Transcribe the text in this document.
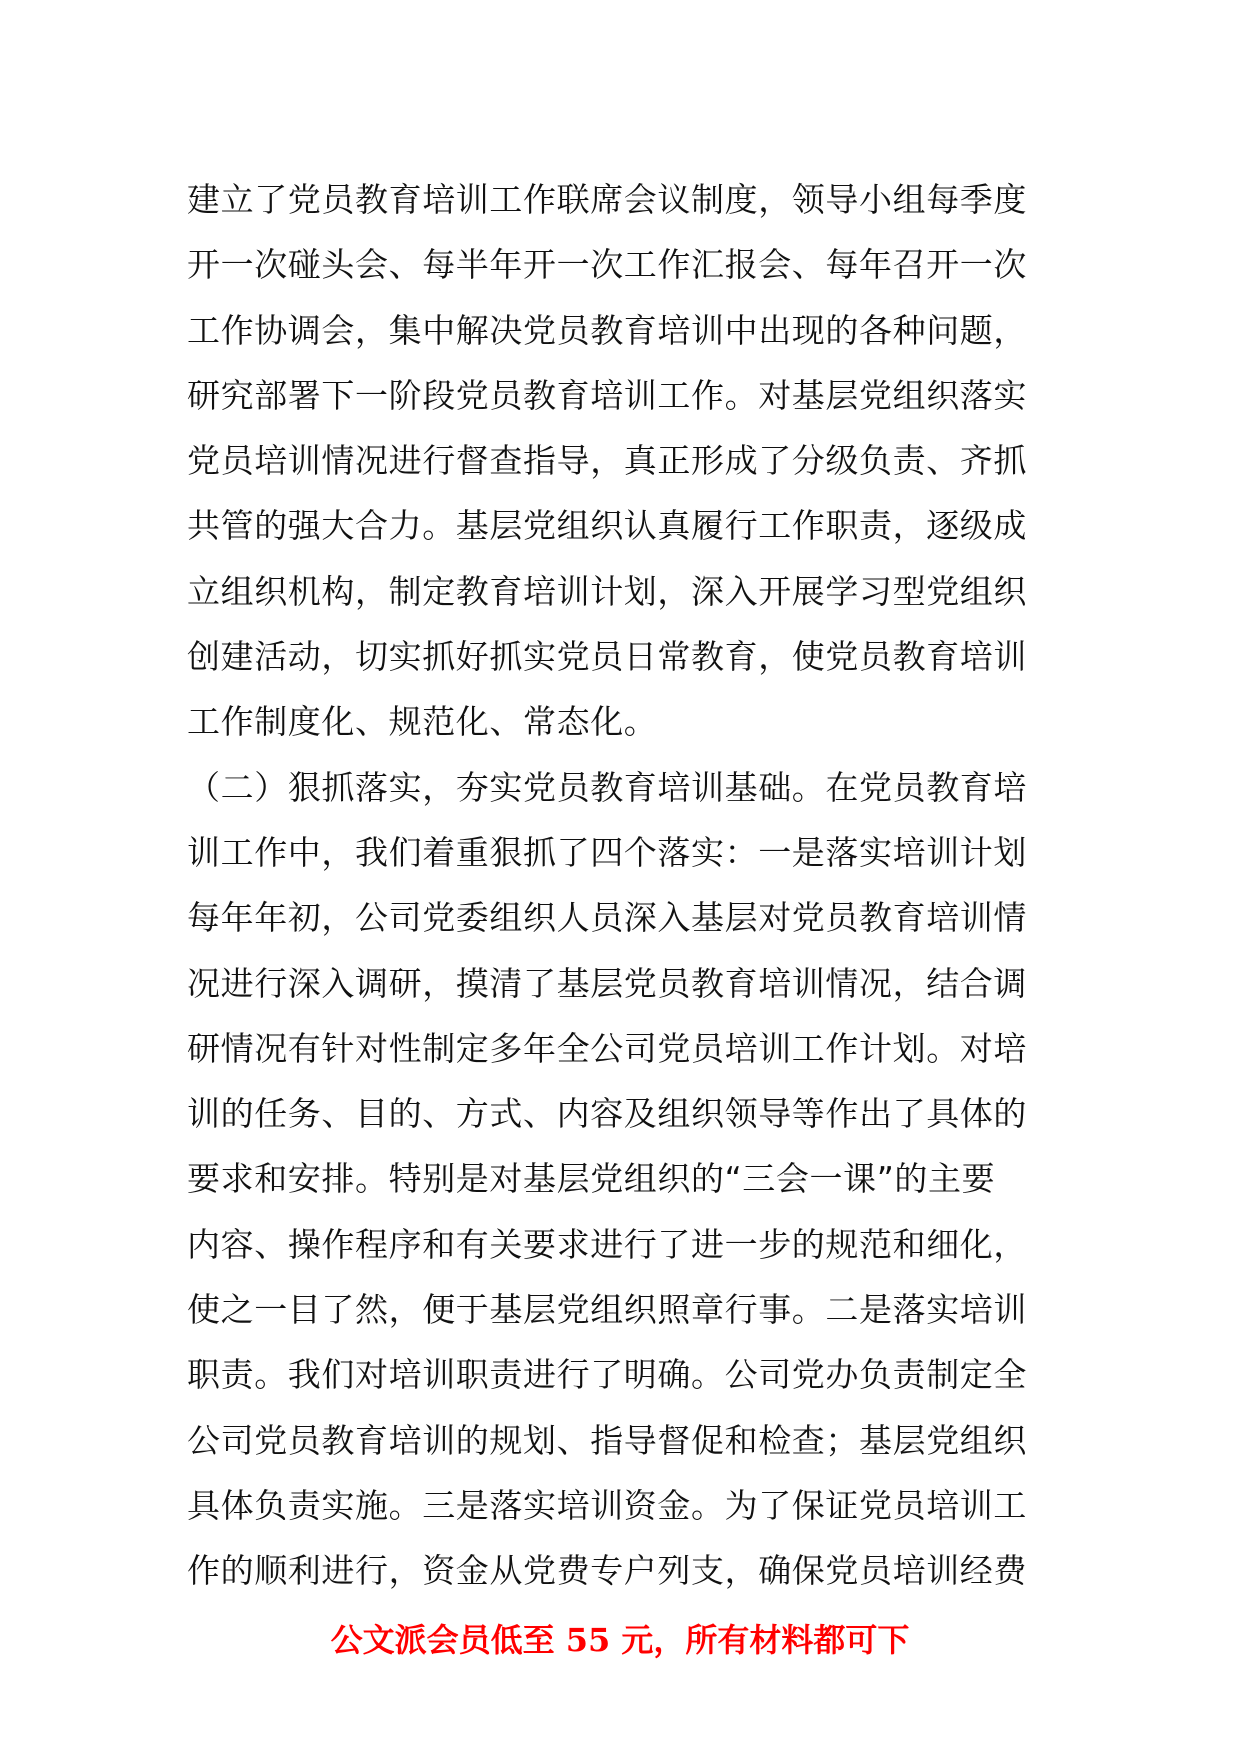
建立了党员教育培训工作联席会议制度，领导小组每季度
开一次碰头会、每半年开一次工作汇报会、每年召开一次
工作协调会，集中解决党员教育培训中出现的各种问题，
研究部署下一阶段党员教育培训工作。对基层党组织落实
党员培训情况进行督查指导，真正形成了分级负责、齐抓
共管的强大合力。基层党组织认真履行工作职责，逐级成
立组织机构，制定教育培训计划，深入开展学习型党组织
创建活动，切实抓好抓实党员日常教育，使党员教育培训
工作制度化、规范化、常态化。
（二）狠抓落实，夯实党员教育培训基础。在党员教育培
训工作中，我们着重狠抓了四个落实：一是落实培训计划
每年年初，公司党委组织人员深入基层对党员教育培训情
况进行深入调研，摸清了基层党员教育培训情况，结合调
研情况有针对性制定多年全公司党员培训工作计划。对培
训的任务、目的、方式、内容及组织领导等作出了具体的
要求和安排。特别是对基层党组织的“三会一课”的主要
内容、操作程序和有关要求进行了进一步的规范和细化，
使之一目了然，便于基层党组织照章行事。二是落实培训
职责。我们对培训职责进行了明确。公司党办负责制定全
公司党员教育培训的规划、指导督促和检查；基层党组织
具体负责实施。三是落实培训资金。为了保证党员培训工
作的顺利进行，资金从党费专户列支，确保党员培训经费
公文派会员低至 55 元，所有材料都可下
